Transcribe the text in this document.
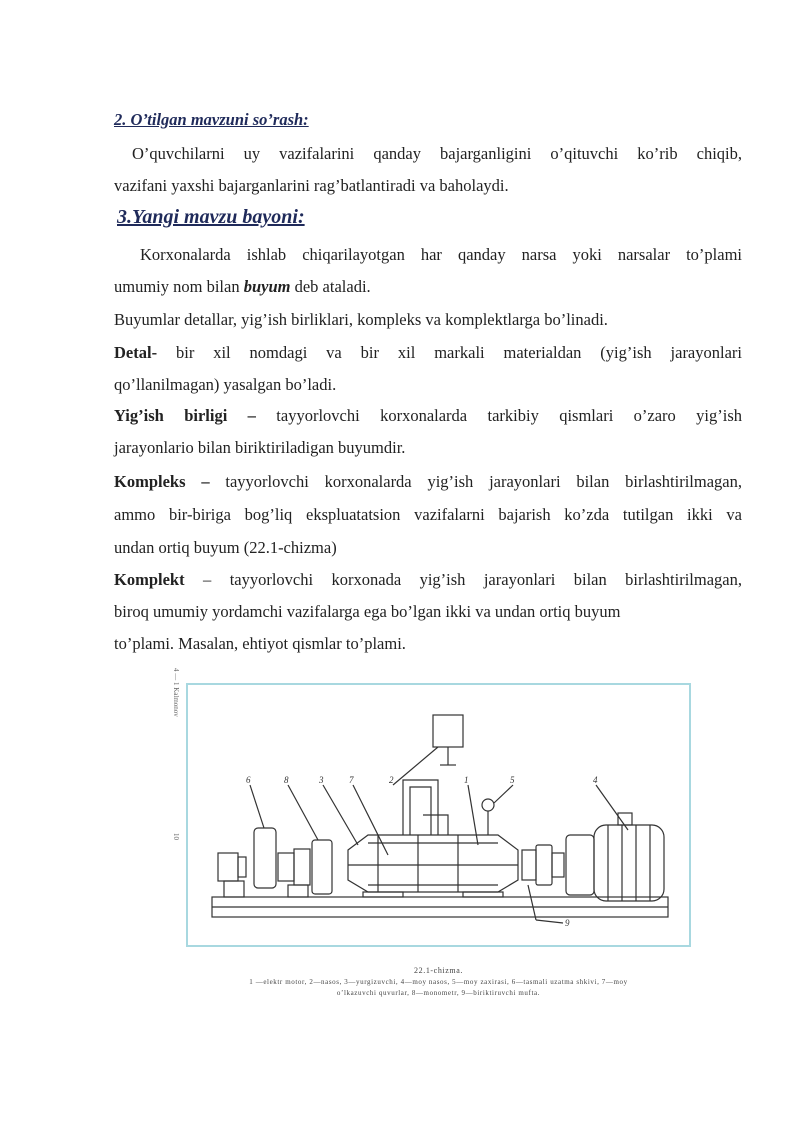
2. O’tilgan mavzuni so’rash:
O’quvchilarni uy vazifalarini qanday bajarganligini o’qituvchi ko’rib chiqib,
vazifani yaxshi bajarganlarini rag’batlantiradi va baholaydi.
3.Yangi mavzu bayoni:
Korxonalarda ishlab chiqarilayotgan har qanday narsa yoki narsalar to’plami
umumiy nom bilan buyum deb ataladi.
Buyumlar detallar, yig’ish birliklari, kompleks va komplektlarga bo’linadi.
Detal- bir xil nomdagi va bir xil markali materialdan (yig’ish jarayonlari
qo’llanilmagan) yasalgan bo’ladi.
Yig’ish birligi – tayyorlovchi korxonalarda tarkibiy qismlari o’zaro yig’ish
jarayonlario bilan biriktiriladigan buyumdir.
Kompleks – tayyorlovchi korxonalarda yig’ish jarayonlari bilan birlashtirilmagan,
ammo bir-biriga bog’liq ekspluatatsion vazifalarni bajarish ko’zda tutilgan ikki va
undan ortiq buyum (22.1-chizma)
Komplekt – tayyorlovchi korxonada yig’ish jarayonlari bilan birlashtirilmagan,
biroq umumiy yordamchi vazifalarga ega bo’lgan ikki va undan ortiq buyum
to’plami. Masalan, ehtiyot qismlar to’plami.
4 — 1 Kalmonov
10
6	8	3	7	2	1	5	4
9
22.1-chizma.
1 —elektr motor, 2—nasos, 3—yurgizuvchi, 4—moy nasos, 5—moy zaxirasi, 6—tasmali uzatma shkivi, 7—moy
o’lkazuvchi quvurlar, 8—monometr, 9—biriktiruvchi mufta.
